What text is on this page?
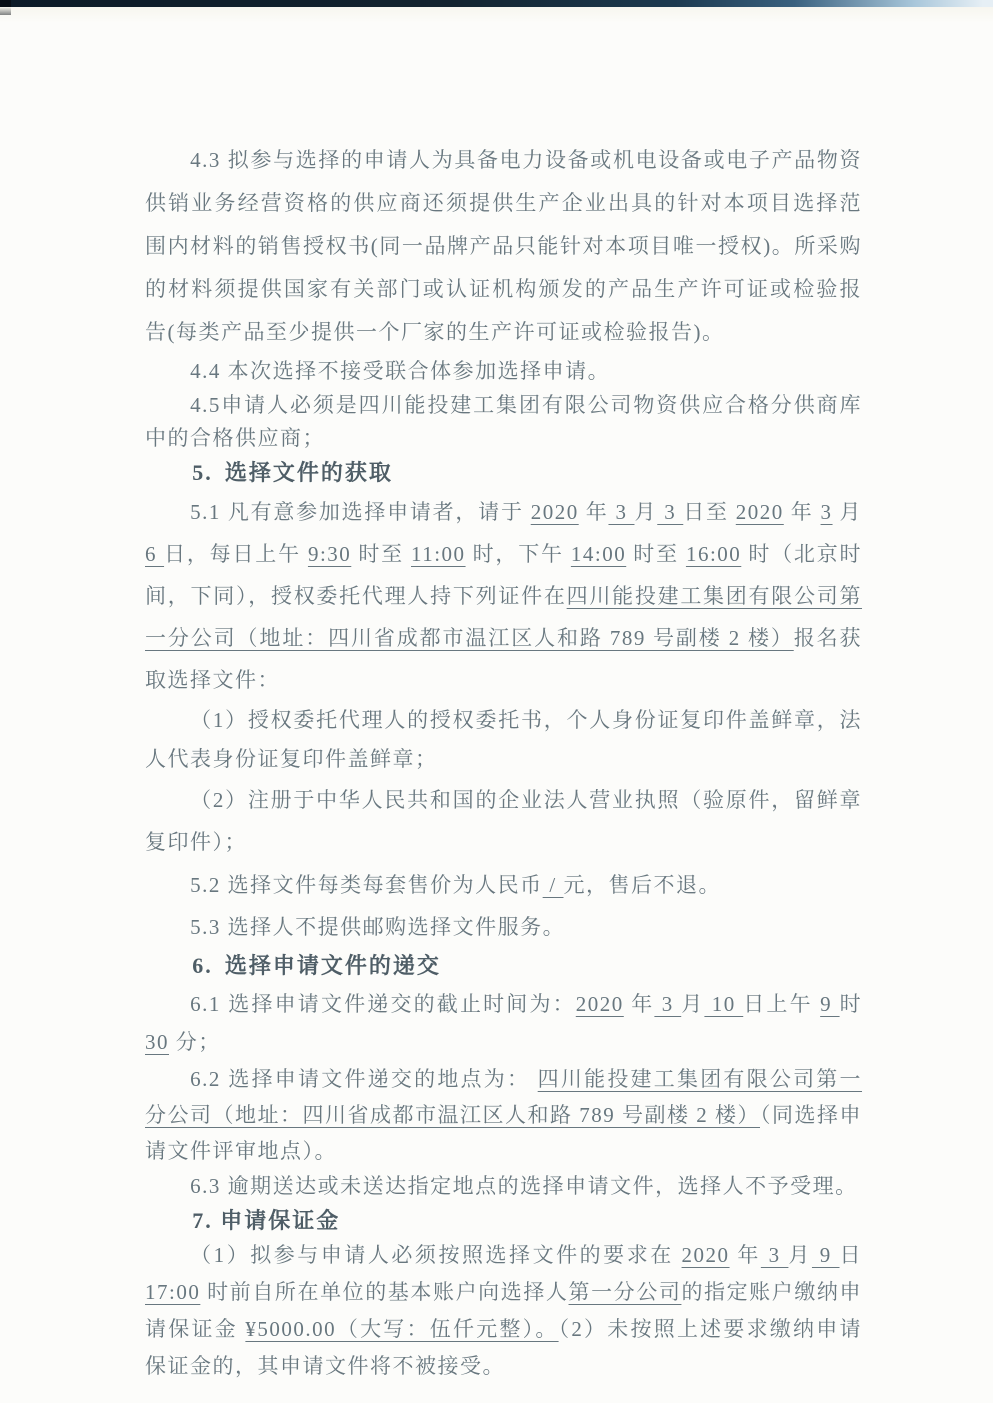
4.3 拟参与选择的申请人为具备电力设备或机电设备或电子产品物资供销业务经营资格的供应商还须提供生产企业出具的针对本项目选择范围内材料的销售授权书(同一品牌产品只能针对本项目唯一授权)。所采购的材料须提供国家有关部门或认证机构颁发的产品生产许可证或检验报告(每类产品至少提供一个厂家的生产许可证或检验报告)。

4.4 本次选择不接受联合体参加选择申请。

4.5申请人必须是四川能投建工集团有限公司物资供应合格分供商库中的合格供应商；

5. 选择文件的获取

5.1 凡有意参加选择申请者，请于 2020 年 3 月 3 日至 2020 年 3 月 6 日，每日上午 9:30 时至 11:00 时，下午 14:00 时至 16:00 时（北京时间，下同），授权委托代理人持下列证件在四川能投建工集团有限公司第一分公司（地址：四川省成都市温江区人和路 789 号副楼 2 楼）报名获取选择文件：

（1）授权委托代理人的授权委托书，个人身份证复印件盖鲜章，法人代表身份证复印件盖鲜章；

（2）注册于中华人民共和国的企业法人营业执照（验原件，留鲜章复印件）；

5.2 选择文件每类每套售价为人民币 / 元，售后不退。

5.3 选择人不提供邮购选择文件服务。

6. 选择申请文件的递交

6.1 选择申请文件递交的截止时间为：2020 年 3 月 10 日上午 9 时 30 分；

6.2 选择申请文件递交的地点为： 四川能投建工集团有限公司第一分公司（地址：四川省成都市温江区人和路 789 号副楼 2 楼）（同选择申请文件评审地点）。

6.3 逾期送达或未送达指定地点的选择申请文件，选择人不予受理。

7. 申请保证金

（1）拟参与申请人必须按照选择文件的要求在 2020 年 3 月 9 日 17:00 时前自所在单位的基本账户向选择人第一分公司的指定账户缴纳申请保证金 ¥5000.00（大写：伍仟元整）。（2）未按照上述要求缴纳申请保证金的，其申请文件将不被接受。
